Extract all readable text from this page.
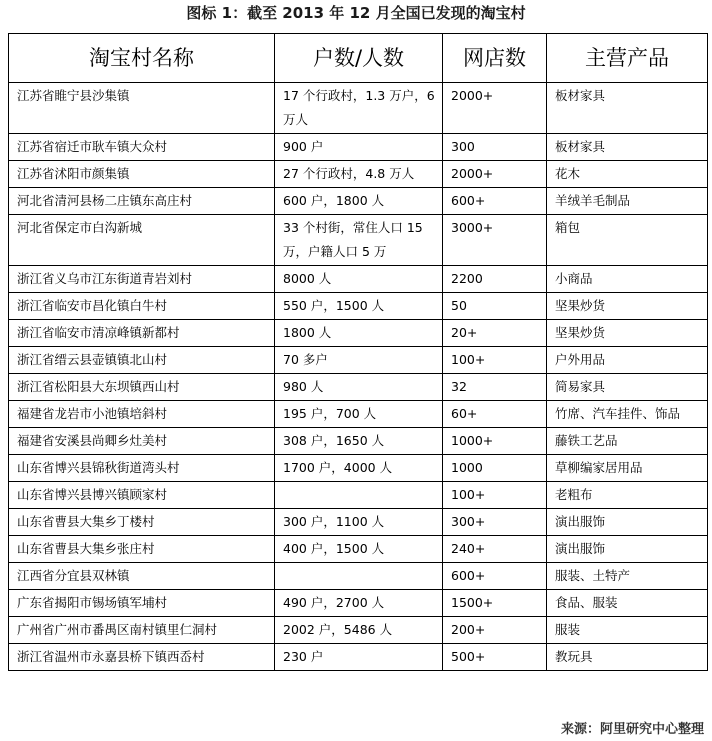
图标 1：截至 2013 年 12 月全国已发现的淘宝村
淘宝村名称	户数/人数	网店数	主营产品
江苏省睢宁县沙集镇	17 个行政村，1.3 万户，6 万人	2000+	板材家具
江苏省宿迁市耿车镇大众村	900 户	300	板材家具
江苏省沭阳市颜集镇	27 个行政村，4.8 万人	2000+	花木
河北省清河县杨二庄镇东高庄村	600 户，1800 人	600+	羊绒羊毛制品
河北省保定市白沟新城	33 个村街，常住人口 15 万，户籍人口 5 万	3000+	箱包
浙江省义乌市江东街道青岩刘村	8000 人	2200	小商品
浙江省临安市昌化镇白牛村	550 户，1500 人	50	坚果炒货
浙江省临安市清凉峰镇新都村	1800 人	20+	坚果炒货
浙江省缙云县壶镇镇北山村	70 多户	100+	户外用品
浙江省松阳县大东坝镇西山村	980 人	32	简易家具
福建省龙岩市小池镇培斜村	195 户，700 人	60+	竹席、汽车挂件、饰品
福建省安溪县尚卿乡灶美村	308 户，1650 人	1000+	藤铁工艺品
山东省博兴县锦秋街道湾头村	1700 户，4000 人	1000	草柳编家居用品
山东省博兴县博兴镇顾家村		100+	老粗布
山东省曹县大集乡丁楼村	300 户，1100 人	300+	演出服饰
山东省曹县大集乡张庄村	400 户，1500 人	240+	演出服饰
江西省分宜县双林镇		600+	服装、土特产
广东省揭阳市锡场镇军埔村	490 户，2700 人	1500+	食品、服装
广州省广州市番禺区南村镇里仁洞村	2002 户，5486 人	200+	服装
浙江省温州市永嘉县桥下镇西岙村	230 户	500+	教玩具
来源：阿里研究中心整理
